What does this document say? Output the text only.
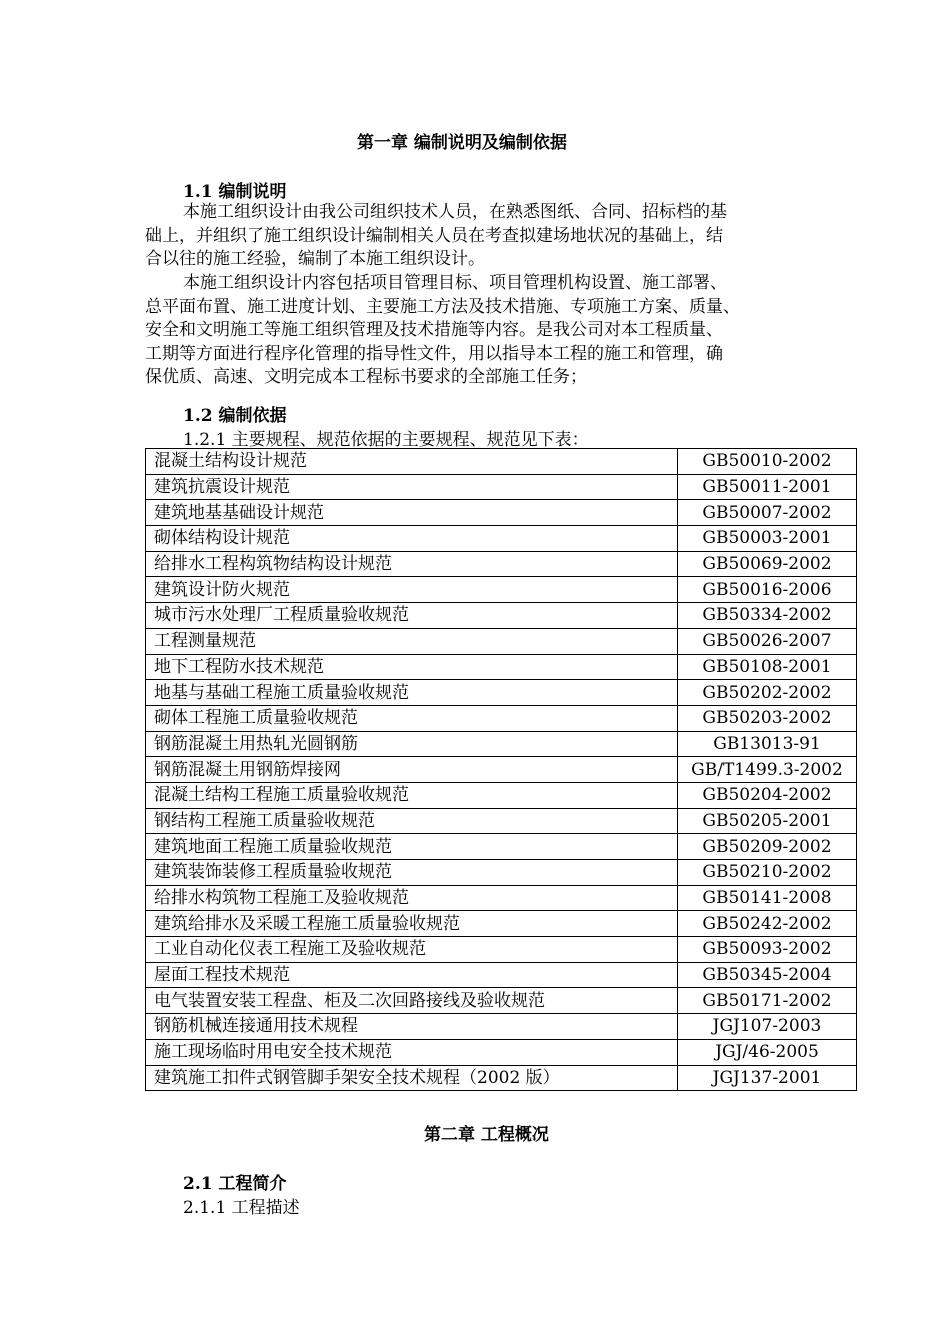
第一章 编制说明及编制依据
1.1 编制说明
本施工组织设计由我公司组织技术人员，在熟悉图纸、合同、招标档的基
础上，并组织了施工组织设计编制相关人员在考查拟建场地状况的基础上，结
合以往的施工经验，编制了本施工组织设计。
本施工组织设计内容包括项目管理目标、项目管理机构设置、施工部署、
总平面布置、施工进度计划、主要施工方法及技术措施、专项施工方案、质量、
安全和文明施工等施工组织管理及技术措施等内容。是我公司对本工程质量、
工期等方面进行程序化管理的指导性文件，用以指导本工程的施工和管理，确
保优质、高速、文明完成本工程标书要求的全部施工任务；
1.2 编制依据
1.2.1 主要规程、规范依据的主要规程、规范见下表：
混凝土结构设计规范	GB50010-2002
建筑抗震设计规范	GB50011-2001
建筑地基基础设计规范	GB50007-2002
砌体结构设计规范	GB50003-2001
给排水工程构筑物结构设计规范	GB50069-2002
建筑设计防火规范	GB50016-2006
城市污水处理厂工程质量验收规范	GB50334-2002
工程测量规范	GB50026-2007
地下工程防水技术规范	GB50108-2001
地基与基础工程施工质量验收规范	GB50202-2002
砌体工程施工质量验收规范	GB50203-2002
钢筋混凝土用热轧光圆钢筋	GB13013-91
钢筋混凝土用钢筋焊接网	GB/T1499.3-2002
混凝土结构工程施工质量验收规范	GB50204-2002
钢结构工程施工质量验收规范	GB50205-2001
建筑地面工程施工质量验收规范	GB50209-2002
建筑装饰装修工程质量验收规范	GB50210-2002
给排水构筑物工程施工及验收规范	GB50141-2008
建筑给排水及采暖工程施工质量验收规范	GB50242-2002
工业自动化仪表工程施工及验收规范	GB50093-2002
屋面工程技术规范	GB50345-2004
电气装置安装工程盘、柜及二次回路接线及验收规范	GB50171-2002
钢筋机械连接通用技术规程	JGJ107-2003
施工现场临时用电安全技术规范	JGJ/46-2005
建筑施工扣件式钢管脚手架安全技术规程（2002 版）	JGJ137-2001
第二章 工程概况
2.1 工程简介
2.1.1 工程描述
